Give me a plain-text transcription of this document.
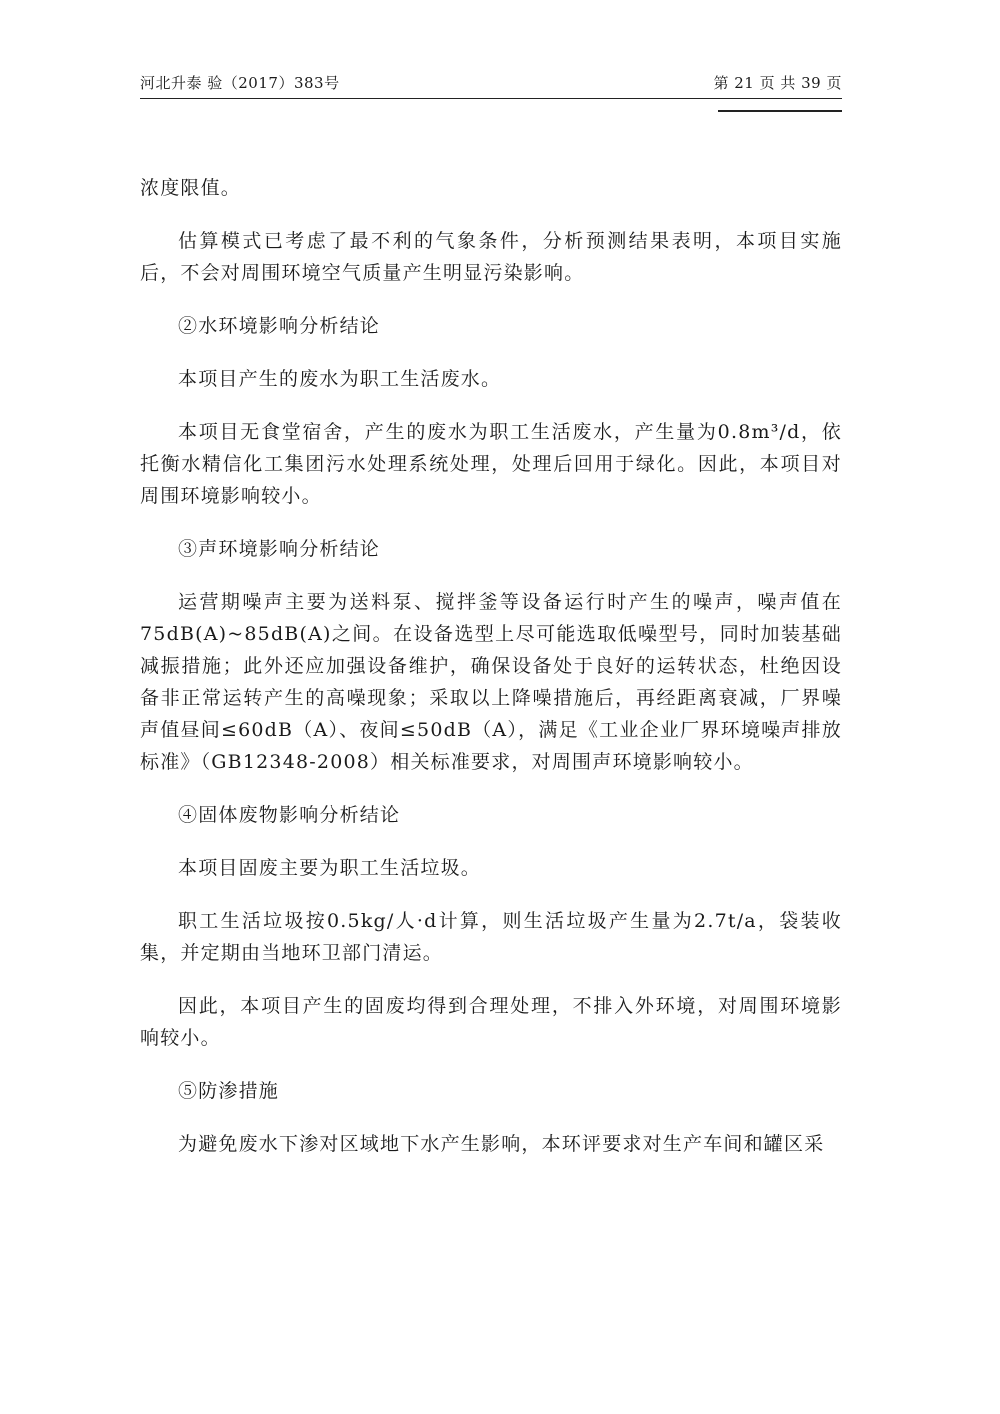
河北升泰 验（2017）383号	第 21 页 共 39 页

浓度限值。

估算模式已考虑了最不利的气象条件，分析预测结果表明，本项目实施后，不会对周围环境空气质量产生明显污染影响。

②水环境影响分析结论

本项目产生的废水为职工生活废水。

本项目无食堂宿舍，产生的废水为职工生活废水，产生量为0.8m³/d，依托衡水精信化工集团污水处理系统处理，处理后回用于绿化。因此，本项目对周围环境影响较小。

③声环境影响分析结论

运营期噪声主要为送料泵、搅拌釜等设备运行时产生的噪声，噪声值在75dB(A)~85dB(A)之间。在设备选型上尽可能选取低噪型号，同时加装基础减振措施；此外还应加强设备维护，确保设备处于良好的运转状态，杜绝因设备非正常运转产生的高噪现象；采取以上降噪措施后，再经距离衰减，厂界噪声值昼间≤60dB（A）、夜间≤50dB（A），满足《工业企业厂界环境噪声排放标准》（GB12348-2008）相关标准要求，对周围声环境影响较小。

④固体废物影响分析结论

本项目固废主要为职工生活垃圾。

职工生活垃圾按0.5kg/人·d计算，则生活垃圾产生量为2.7t/a，袋装收集，并定期由当地环卫部门清运。

因此，本项目产生的固废均得到合理处理，不排入外环境，对周围环境影响较小。

⑤防渗措施

为避免废水下渗对区域地下水产生影响，本环评要求对生产车间和罐区采
